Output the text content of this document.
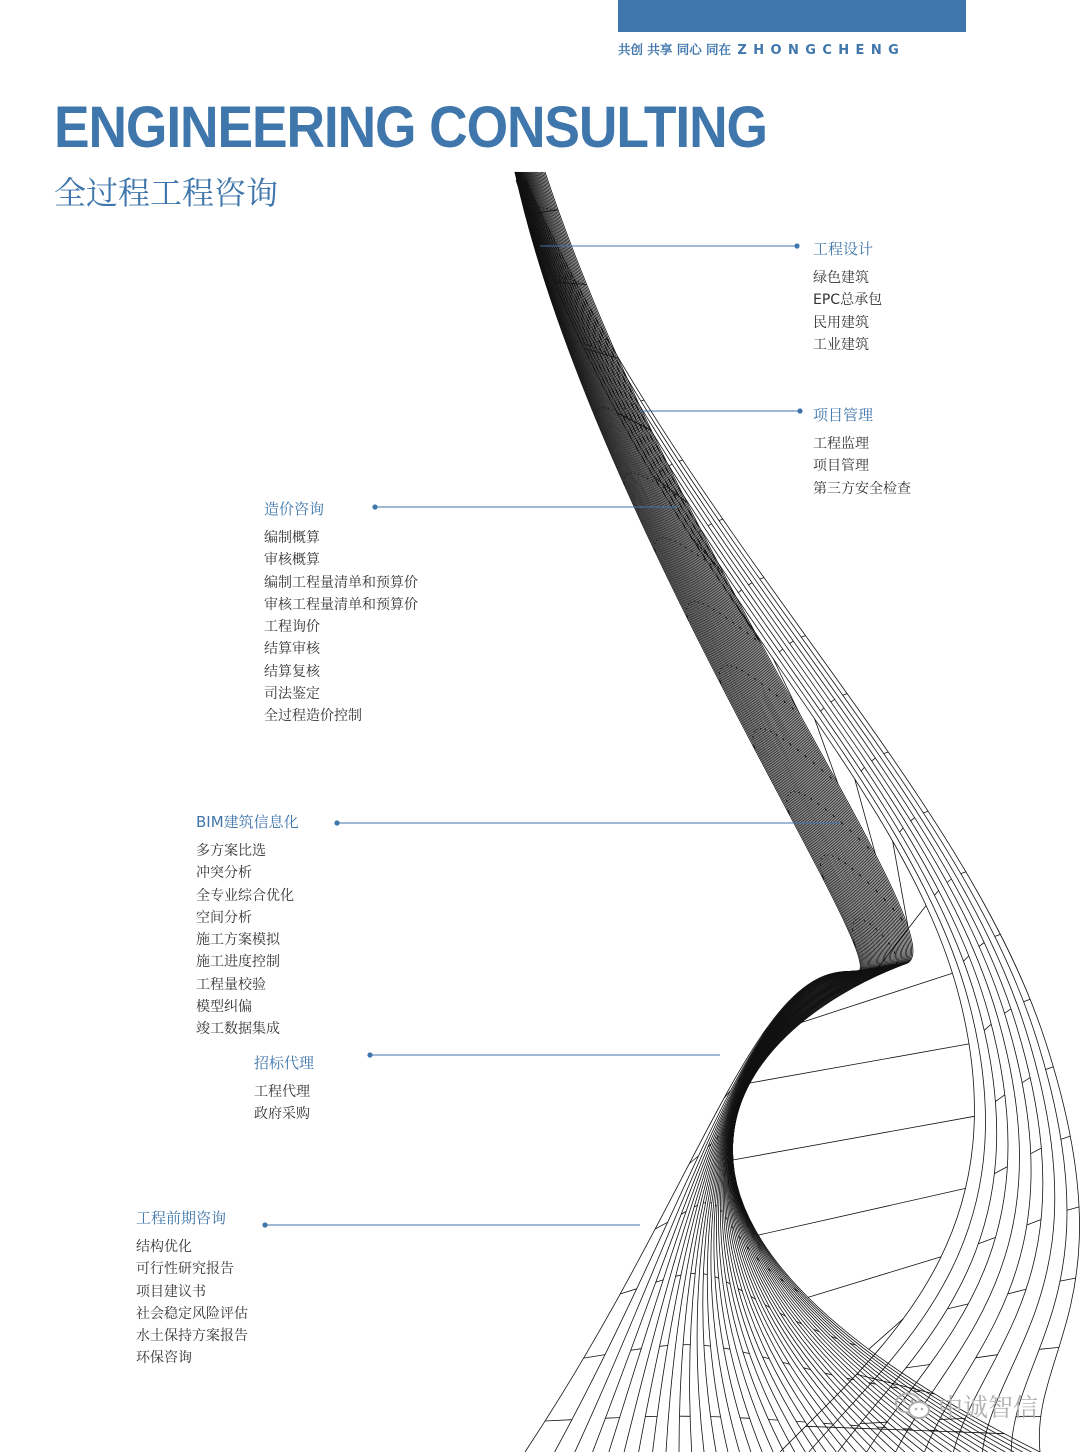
共创 共享 同心 同在 ZHONGCHENG
ENGINEERING CONSULTING
全过程工程咨询
工程设计
绿色建筑
EPC总承包
民用建筑
工业建筑
项目管理
工程监理
项目管理
第三方安全检查
造价咨询
编制概算
审核概算
编制工程量清单和预算价
审核工程量清单和预算价
工程询价
结算审核
结算复核
司法鉴定
全过程造价控制
BIM建筑信息化
多方案比选
冲突分析
全专业综合优化
空间分析
施工方案模拟
施工进度控制
工程量校验
模型纠偏
竣工数据集成
招标代理
工程代理
政府采购
工程前期咨询
结构优化
可行性研究报告
项目建议书
社会稳定风险评估
水土保持方案报告
环保咨询
中诚智信
